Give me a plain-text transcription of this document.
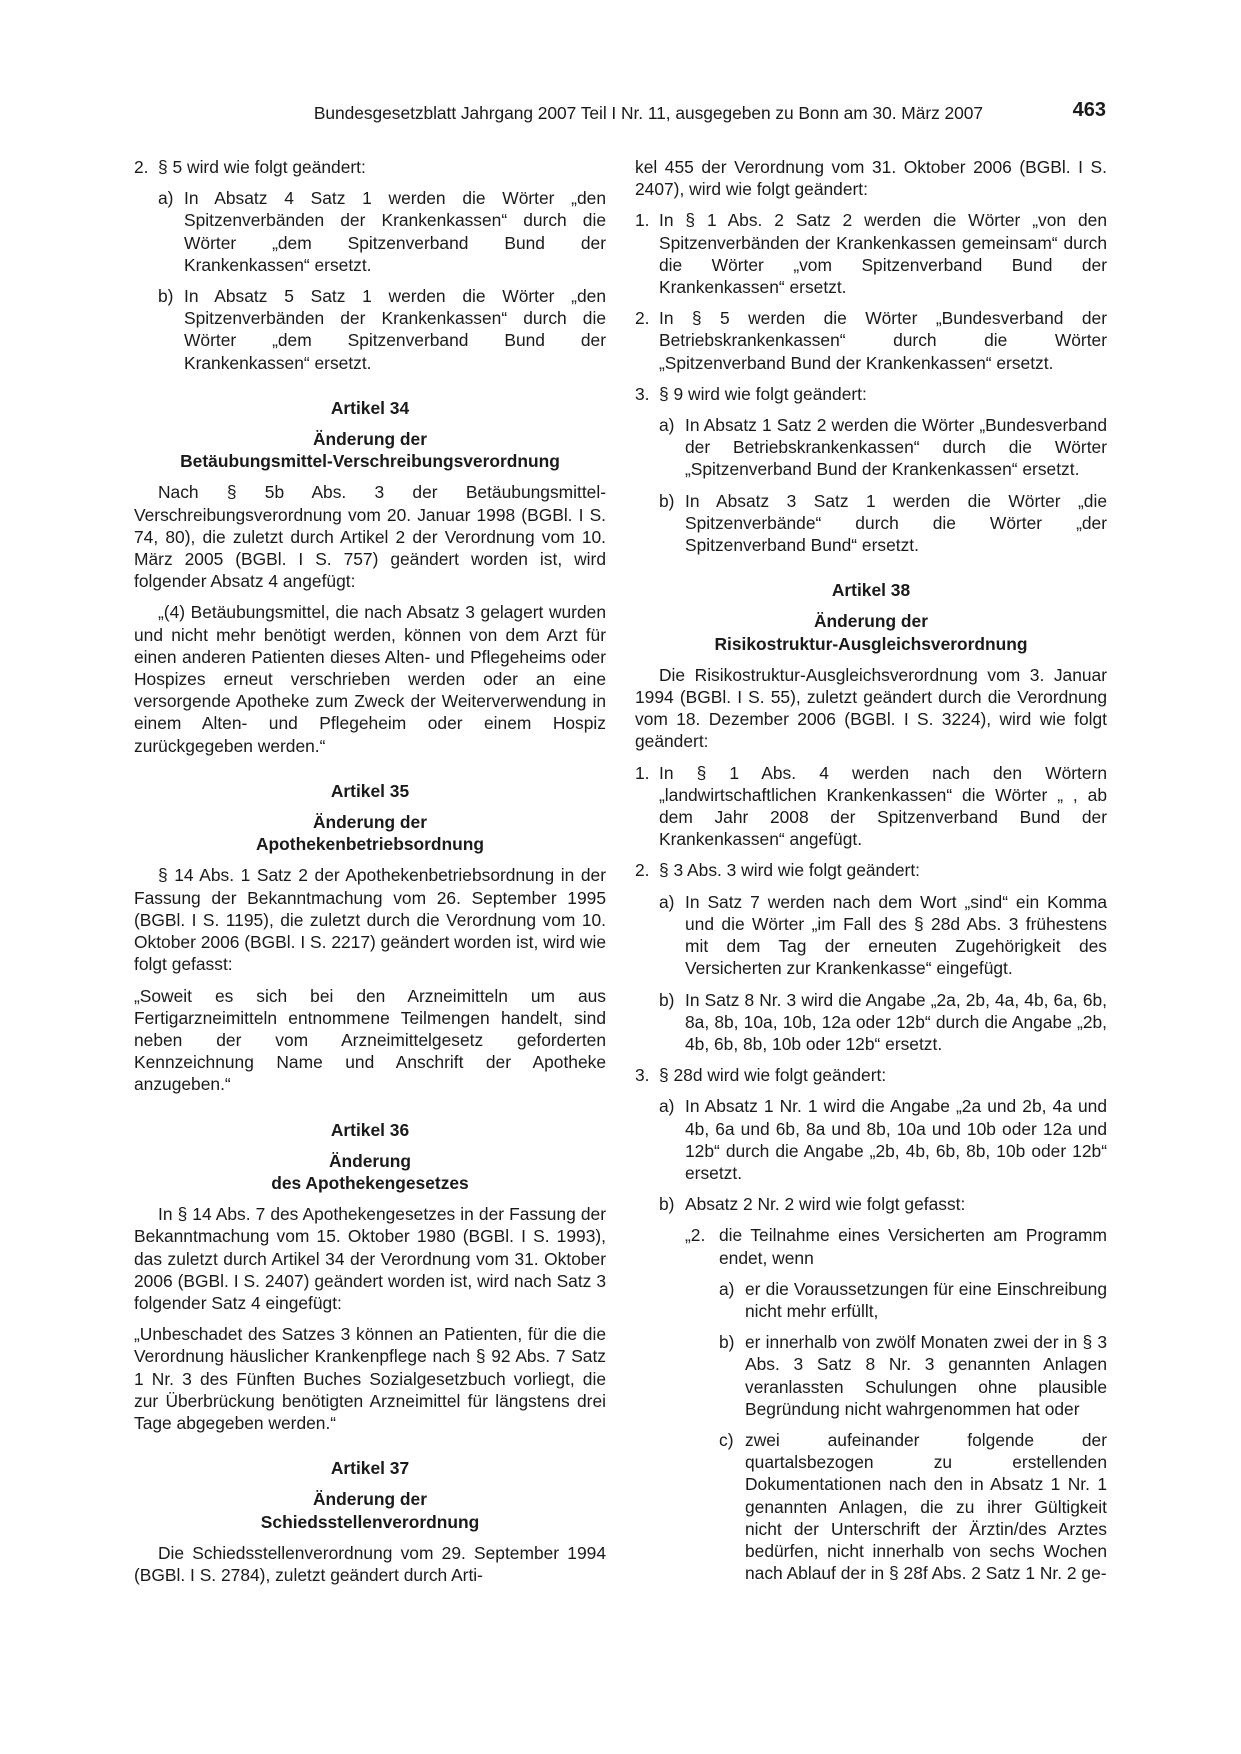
Bundesgesetzblatt Jahrgang 2007 Teil I Nr. 11, ausgegeben zu Bonn am 30. März 2007	463
2. § 5 wird wie folgt geändert:
a) In Absatz 4 Satz 1 werden die Wörter „den Spitzenverbänden der Krankenkassen“ durch die Wörter „dem Spitzenverband Bund der Krankenkassen“ ersetzt.
b) In Absatz 5 Satz 1 werden die Wörter „den Spitzenverbänden der Krankenkassen“ durch die Wörter „dem Spitzenverband Bund der Krankenkassen“ ersetzt.
Artikel 34
Änderung der
Betäubungsmittel-Verschreibungsverordnung

Nach § 5b Abs. 3 der Betäubungsmittel-Verschreibungsverordnung vom 20. Januar 1998 (BGBl. I S. 74, 80), die zuletzt durch Artikel 2 der Verordnung vom 10. März 2005 (BGBl. I S. 757) geändert worden ist, wird folgender Absatz 4 angefügt:

„(4) Betäubungsmittel, die nach Absatz 3 gelagert wurden und nicht mehr benötigt werden, können von dem Arzt für einen anderen Patienten dieses Alten- und Pflegeheims oder Hospizes erneut verschrieben werden oder an eine versorgende Apotheke zum Zweck der Weiterverwendung in einem Alten- und Pflegeheim oder einem Hospiz zurückgegeben werden.“

Artikel 35
Änderung der
Apothekenbetriebsordnung

§ 14 Abs. 1 Satz 2 der Apothekenbetriebsordnung in der Fassung der Bekanntmachung vom 26. September 1995 (BGBl. I S. 1195), die zuletzt durch die Verordnung vom 10. Oktober 2006 (BGBl. I S. 2217) geändert worden ist, wird wie folgt gefasst:

„Soweit es sich bei den Arzneimitteln um aus Fertigarzneimitteln entnommene Teilmengen handelt, sind neben der vom Arzneimittelgesetz geforderten Kennzeichnung Name und Anschrift der Apotheke anzugeben.“

Artikel 36
Änderung
des Apothekengesetzes

In § 14 Abs. 7 des Apothekengesetzes in der Fassung der Bekanntmachung vom 15. Oktober 1980 (BGBl. I S. 1993), das zuletzt durch Artikel 34 der Verordnung vom 31. Oktober 2006 (BGBl. I S. 2407) geändert worden ist, wird nach Satz 3 folgender Satz 4 eingefügt:

„Unbeschadet des Satzes 3 können an Patienten, für die die Verordnung häuslicher Krankenpflege nach § 92 Abs. 7 Satz 1 Nr. 3 des Fünften Buches Sozialgesetzbuch vorliegt, die zur Überbrückung benötigten Arzneimittel für längstens drei Tage abgegeben werden.“

Artikel 37
Änderung der
Schiedsstellenverordnung

Die Schiedsstellenverordnung vom 29. September 1994 (BGBl. I S. 2784), zuletzt geändert durch Arti-

kel 455 der Verordnung vom 31. Oktober 2006 (BGBl. I S. 2407), wird wie folgt geändert:

1. In § 1 Abs. 2 Satz 2 werden die Wörter „von den Spitzenverbänden der Krankenkassen gemeinsam“ durch die Wörter „vom Spitzenverband Bund der Krankenkassen“ ersetzt.
2. In § 5 werden die Wörter „Bundesverband der Betriebskrankenkassen“ durch die Wörter „Spitzenverband Bund der Krankenkassen“ ersetzt.
3. § 9 wird wie folgt geändert:
a) In Absatz 1 Satz 2 werden die Wörter „Bundesverband der Betriebskrankenkassen“ durch die Wörter „Spitzenverband Bund der Krankenkassen“ ersetzt.
b) In Absatz 3 Satz 1 werden die Wörter „die Spitzenverbände“ durch die Wörter „der Spitzenverband Bund“ ersetzt.
Artikel 38
Änderung der
Risikostruktur-Ausgleichsverordnung

Die Risikostruktur-Ausgleichsverordnung vom 3. Januar 1994 (BGBl. I S. 55), zuletzt geändert durch die Verordnung vom 18. Dezember 2006 (BGBl. I S. 3224), wird wie folgt geändert:

1. In § 1 Abs. 4 werden nach den Wörtern „landwirtschaftlichen Krankenkassen“ die Wörter „ , ab dem Jahr 2008 der Spitzenverband Bund der Krankenkassen“ angefügt.
2. § 3 Abs. 3 wird wie folgt geändert:
a) In Satz 7 werden nach dem Wort „sind“ ein Komma und die Wörter „im Fall des § 28d Abs. 3 frühestens mit dem Tag der erneuten Zugehörigkeit des Versicherten zur Krankenkasse“ eingefügt.
b) In Satz 8 Nr. 3 wird die Angabe „2a, 2b, 4a, 4b, 6a, 6b, 8a, 8b, 10a, 10b, 12a oder 12b“ durch die Angabe „2b, 4b, 6b, 8b, 10b oder 12b“ ersetzt.
3. § 28d wird wie folgt geändert:
a) In Absatz 1 Nr. 1 wird die Angabe „2a und 2b, 4a und 4b, 6a und 6b, 8a und 8b, 10a und 10b oder 12a und 12b“ durch die Angabe „2b, 4b, 6b, 8b, 10b oder 12b“ ersetzt.
b) Absatz 2 Nr. 2 wird wie folgt gefasst:
„2. die Teilnahme eines Versicherten am Programm endet, wenn
a) er die Voraussetzungen für eine Einschreibung nicht mehr erfüllt,
b) er innerhalb von zwölf Monaten zwei der in § 3 Abs. 3 Satz 8 Nr. 3 genannten Anlagen veranlassten Schulungen ohne plausible Begründung nicht wahrgenommen hat oder
c) zwei aufeinander folgende der quartalsbezogen zu erstellenden Dokumentationen nach den in Absatz 1 Nr. 1 genannten Anlagen, die zu ihrer Gültigkeit nicht der Unterschrift der Ärztin/des Arztes bedürfen, nicht innerhalb von sechs Wochen nach Ablauf der in § 28f Abs. 2 Satz 1 Nr. 2 ge-
